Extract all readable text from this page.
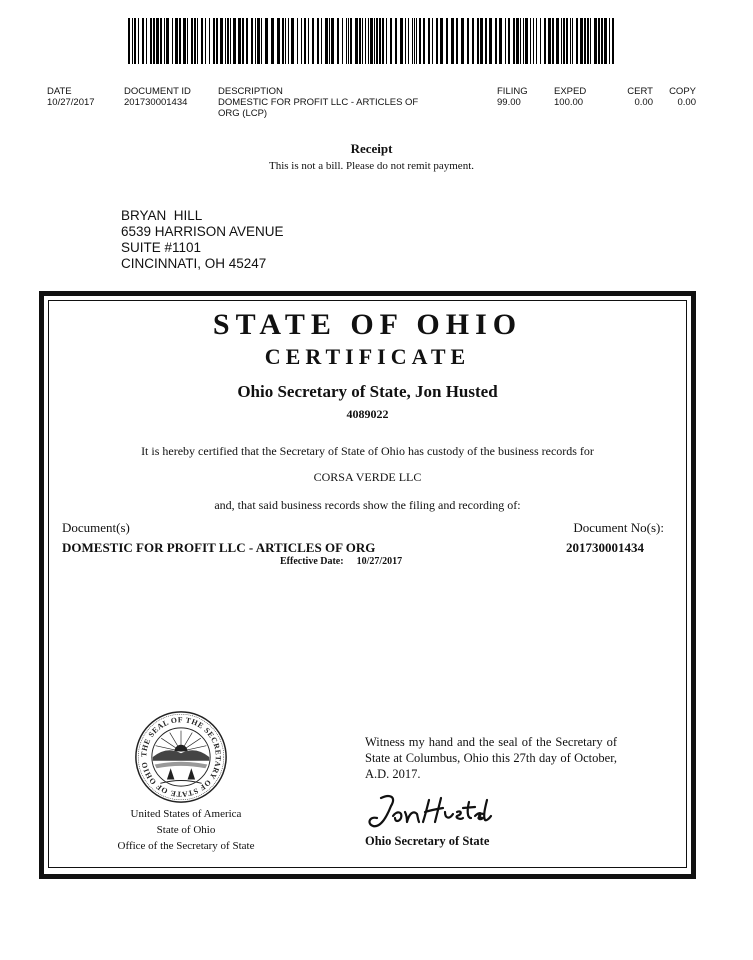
DATE
10/27/2017
DOCUMENT ID
201730001434
DESCRIPTION
DOMESTIC FOR PROFIT LLC - ARTICLES OF
ORG (LCP)
FILING
99.00
EXPED
100.00
CERT
0.00
COPY
0.00
Receipt
This is not a bill. Please do not remit payment.
BRYAN  HILL
6539 HARRISON AVENUE
SUITE #1101
CINCINNATI, OH 45247
STATE OF OHIO
CERTIFICATE
Ohio Secretary of State, Jon Husted
4089022
It is hereby certified that the Secretary of State of Ohio has custody of the business records for
CORSA VERDE LLC
and, that said business records show the filing and recording of:
Document(s)	Document No(s):
DOMESTIC FOR PROFIT LLC - ARTICLES OF ORG	201730001434
Effective Date: 10/27/2017
THE SEAL OF THE SECRETARY OF STATE OF OHIO
United States of America
State of Ohio
Office of the Secretary of State
Witness my hand and the seal of the Secretary of State at Columbus, Ohio this 27th day of October, A.D. 2017.
Ohio Secretary of State
